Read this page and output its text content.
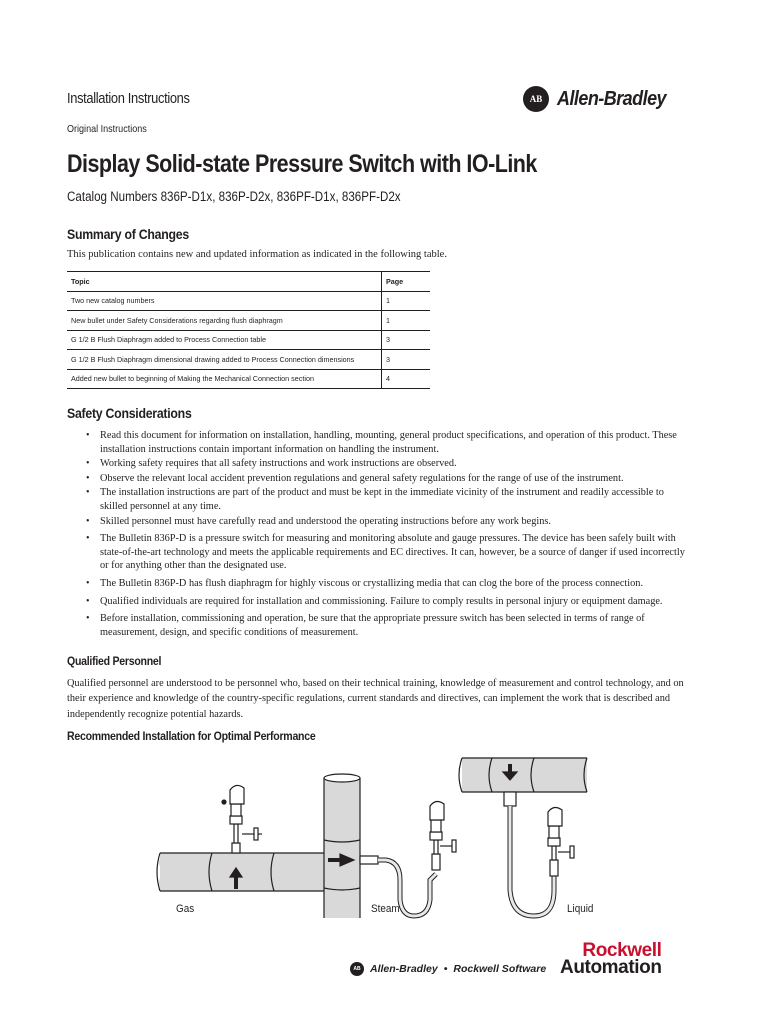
Installation Instructions
Original Instructions
AB Allen-Bradley
Display Solid-state Pressure Switch with IO-Link
Catalog Numbers 836P-D1x, 836P-D2x, 836PF-D1x, 836PF-D2x
Summary of Changes
This publication contains new and updated information as indicated in the following table.
Topic	Page
Two new catalog numbers	1
New bullet under Safety Considerations regarding flush diaphragm	1
G 1/2 B Flush Diaphragm added to Process Connection table	3
G 1/2 B Flush Diaphragm dimensional drawing added to Process Connection dimensions	3
Added new bullet to beginning of Making the Mechanical Connection section	4
Safety Considerations
• Read this document for information on installation, handling, mounting, general product specifications, and operation of this product. These installation instructions contain important information on handling the instrument.
• Working safety requires that all safety instructions and work instructions are observed.
• Observe the relevant local accident prevention regulations and general safety regulations for the range of use of the instrument.
• The installation instructions are part of the product and must be kept in the immediate vicinity of the instrument and readily accessible to skilled personnel at any time.
• Skilled personnel must have carefully read and understood the operating instructions before any work begins.
• The Bulletin 836P-D is a pressure switch for measuring and monitoring absolute and gauge pressures. The device has been safely built with state-of-the-art technology and meets the applicable requirements and EC directives. It can, however, be a source of danger if used incorrectly or for anything other than the designated use.
• The Bulletin 836P-D has flush diaphragm for highly viscous or crystallizing media that can clog the bore of the process connection.
• Qualified individuals are required for installation and commissioning. Failure to comply results in personal injury or equipment damage.
• Before installation, commissioning and operation, be sure that the appropriate pressure switch has been selected in terms of range of measurement, design, and specific conditions of measurement.
Qualified Personnel
Qualified personnel are understood to be personnel who, based on their technical training, knowledge of measurement and control technology, and on their experience and knowledge of the country-specific regulations, current standards and directives, can implement the work that is described and independently recognize potential hazards.
Recommended Installation for Optimal Performance
Gas	Steam	Liquid
AB Allen-Bradley • Rockwell Software
Rockwell
Automation
